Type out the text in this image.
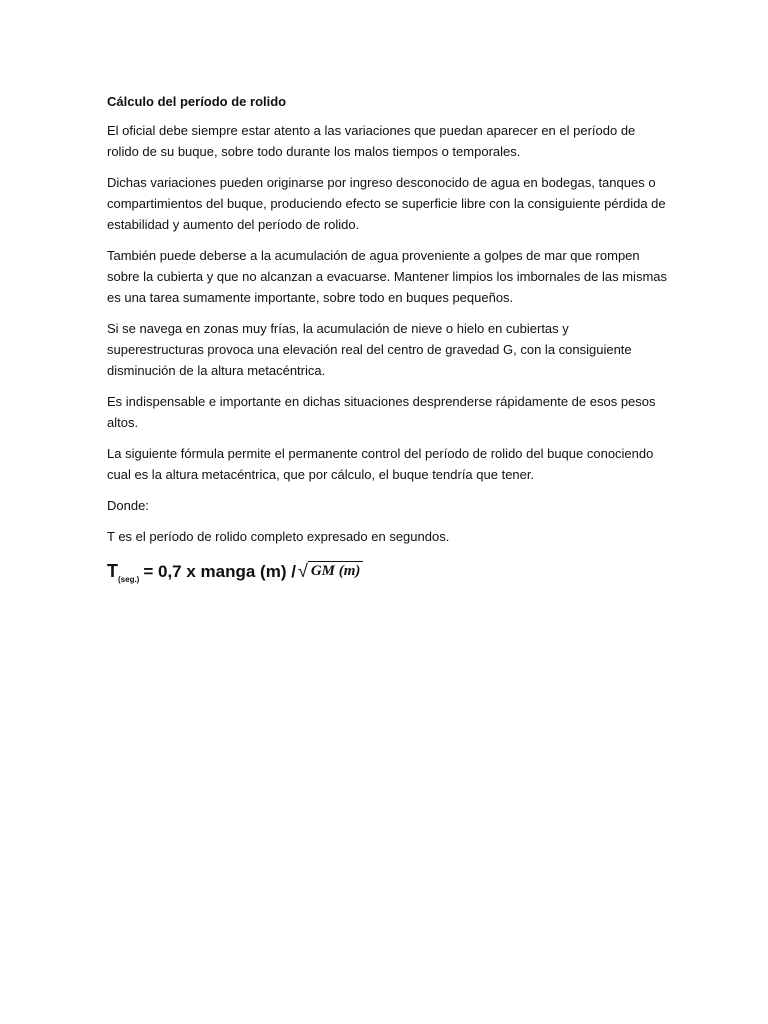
Cálculo del período de rolido

El oficial debe siempre estar atento a las variaciones que puedan aparecer en el período de rolido de su buque, sobre todo durante los malos tiempos o temporales.

Dichas variaciones pueden originarse por ingreso desconocido de agua en bodegas, tanques o compartimientos del buque, produciendo efecto se superficie libre con la consiguiente pérdida de estabilidad y aumento del período de rolido.

También puede deberse a la acumulación de agua proveniente a golpes de mar que rompen sobre la cubierta y que no alcanzan a evacuarse. Mantener limpios los imbornales de las mismas es una tarea sumamente importante, sobre todo en buques pequeños.

Si se navega en zonas muy frías, la acumulación de nieve o hielo en cubiertas y superestructuras provoca una elevación real del centro de gravedad G, con la consiguiente disminución de la altura metacéntrica.

Es indispensable e importante en dichas situaciones desprenderse rápidamente de esos pesos altos.

La siguiente fórmula permite el permanente control del período de rolido del buque conociendo cual es la altura metacéntrica, que por cálculo, el buque tendría que tener.

Donde:

T es el período de rolido completo expresado en segundos.

T (seg.) = 0,7 x manga (m) / √ GM (m)
